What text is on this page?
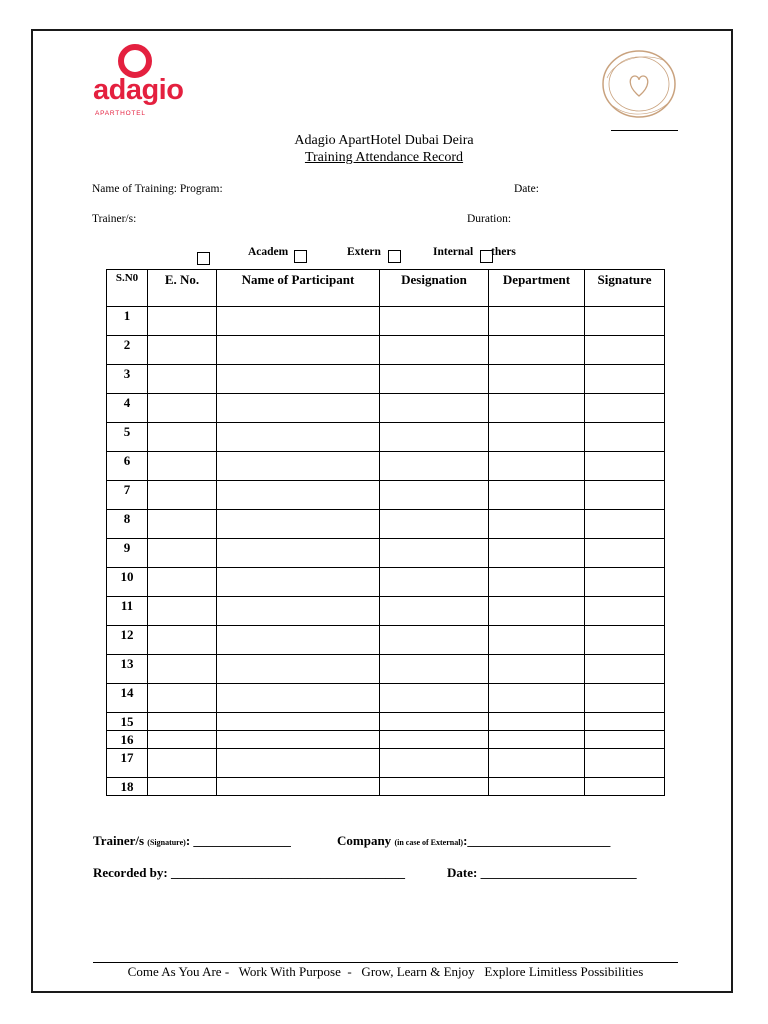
adagio
APARTHOTEL
Adagio ApartHotel Dubai Deira
Training Attendance Record
Name of Training: Program:	Date:
Trainer/s:	Duration:
Academ	Extern	Internal thers
S.N0	E. No.	Name of Participant	Designation	Department	Signature
1					
2					
3					
4					
5					
6					
7					
8					
9					
10					
11					
12					
13					
14					
15					
16					
17					
18					
Trainer/s (Signature): _______________	Company (in case of External):______________________
Recorded by: ____________________________________	Date: ________________________
Come As You Are -   Work With Purpose  -   Grow, Learn & Enjoy   Explore Limitless Possibilities
